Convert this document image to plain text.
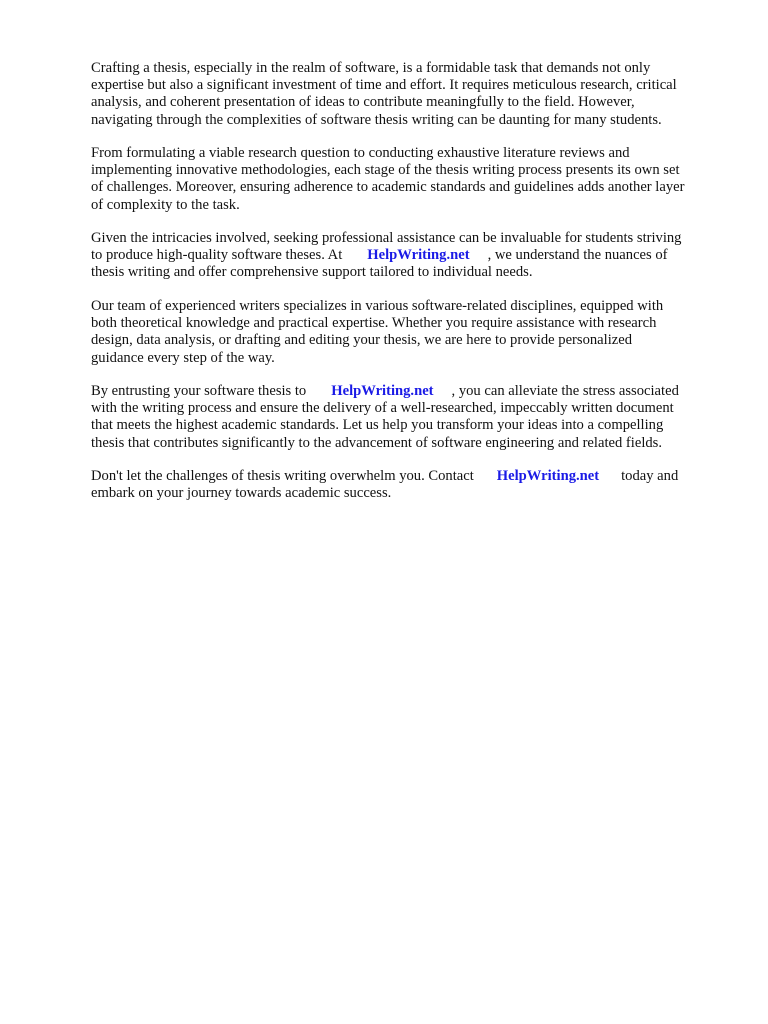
Crafting a thesis, especially in the realm of software, is a formidable task that demands not only
expertise but also a significant investment of time and effort. It requires meticulous research, critical
analysis, and coherent presentation of ideas to contribute meaningfully to the field. However,
navigating through the complexities of software thesis writing can be daunting for many students.

From formulating a viable research question to conducting exhaustive literature reviews and
implementing innovative methodologies, each stage of the thesis writing process presents its own set
of challenges. Moreover, ensuring adherence to academic standards and guidelines adds another layer
of complexity to the task.

Given the intricacies involved, seeking professional assistance can be invaluable for students striving
to produce high-quality software theses. At HelpWriting.net , we understand the nuances of
thesis writing and offer comprehensive support tailored to individual needs.

Our team of experienced writers specializes in various software-related disciplines, equipped with
both theoretical knowledge and practical expertise. Whether you require assistance with research
design, data analysis, or drafting and editing your thesis, we are here to provide personalized
guidance every step of the way.

By entrusting your software thesis to HelpWriting.net , you can alleviate the stress associated
with the writing process and ensure the delivery of a well-researched, impeccably written document
that meets the highest academic standards. Let us help you transform your ideas into a compelling
thesis that contributes significantly to the advancement of software engineering and related fields.

Don't let the challenges of thesis writing overwhelm you. Contact HelpWriting.net today and
embark on your journey towards academic success.
